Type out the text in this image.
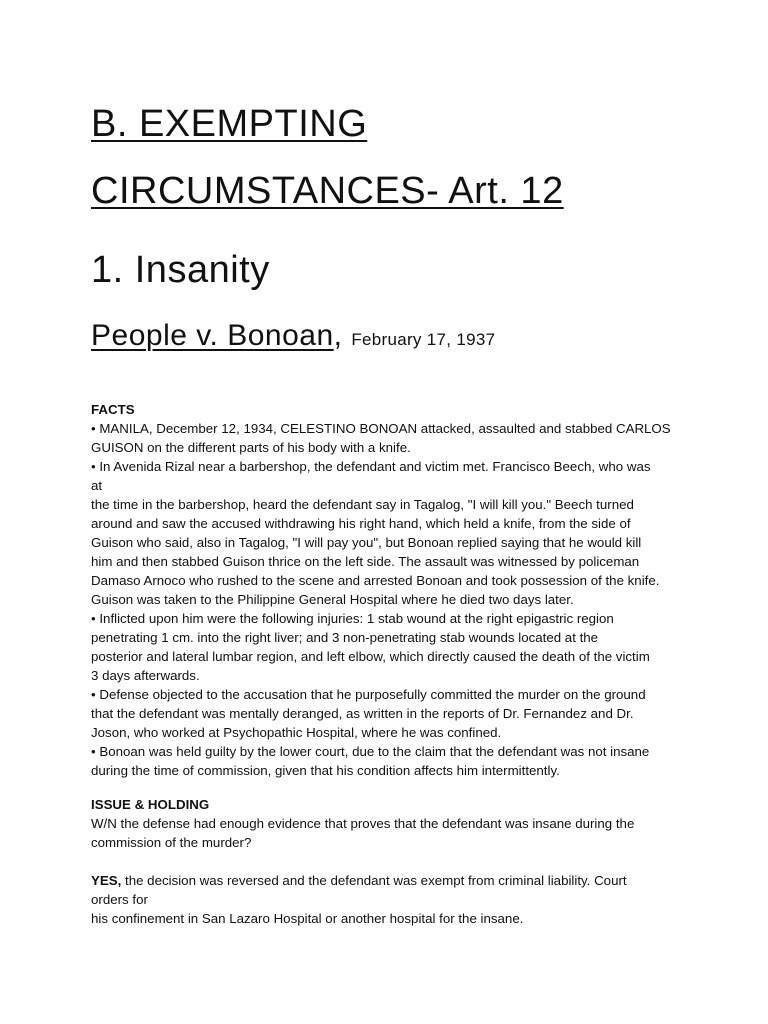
B. EXEMPTING
CIRCUMSTANCES- Art. 12
1. Insanity
People v. Bonoan, February 17, 1937

FACTS

• MANILA, December 12, 1934, CELESTINO BONOAN attacked, assaulted and stabbed CARLOS

GUISON on the different parts of his body with a knife.

• In Avenida Rizal near a barbershop, the defendant and victim met. Francisco Beech, who was

at

the time in the barbershop, heard the defendant say in Tagalog, "I will kill you." Beech turned

around and saw the accused withdrawing his right hand, which held a knife, from the side of

Guison who said, also in Tagalog, "I will pay you", but Bonoan replied saying that he would kill

him and then stabbed Guison thrice on the left side. The assault was witnessed by policeman

Damaso Arnoco who rushed to the scene and arrested Bonoan and took possession of the knife.

Guison was taken to the Philippine General Hospital where he died two days later.

• Inflicted upon him were the following injuries: 1 stab wound at the right epigastric region

penetrating 1 cm. into the right liver; and 3 non-penetrating stab wounds located at the

posterior and lateral lumbar region, and left elbow, which directly caused the death of the victim

3 days afterwards.

• Defense objected to the accusation that he purposefully committed the murder on the ground

that the defendant was mentally deranged, as written in the reports of Dr. Fernandez and Dr.

Joson, who worked at Psychopathic Hospital, where he was confined.

• Bonoan was held guilty by the lower court, due to the claim that the defendant was not insane

during the time of commission, given that his condition affects him intermittently.

ISSUE & HOLDING

W/N the defense had enough evidence that proves that the defendant was insane during the

commission of the murder?

YES, the decision was reversed and the defendant was exempt from criminal liability. Court

orders for

his confinement in San Lazaro Hospital or another hospital for the insane.
